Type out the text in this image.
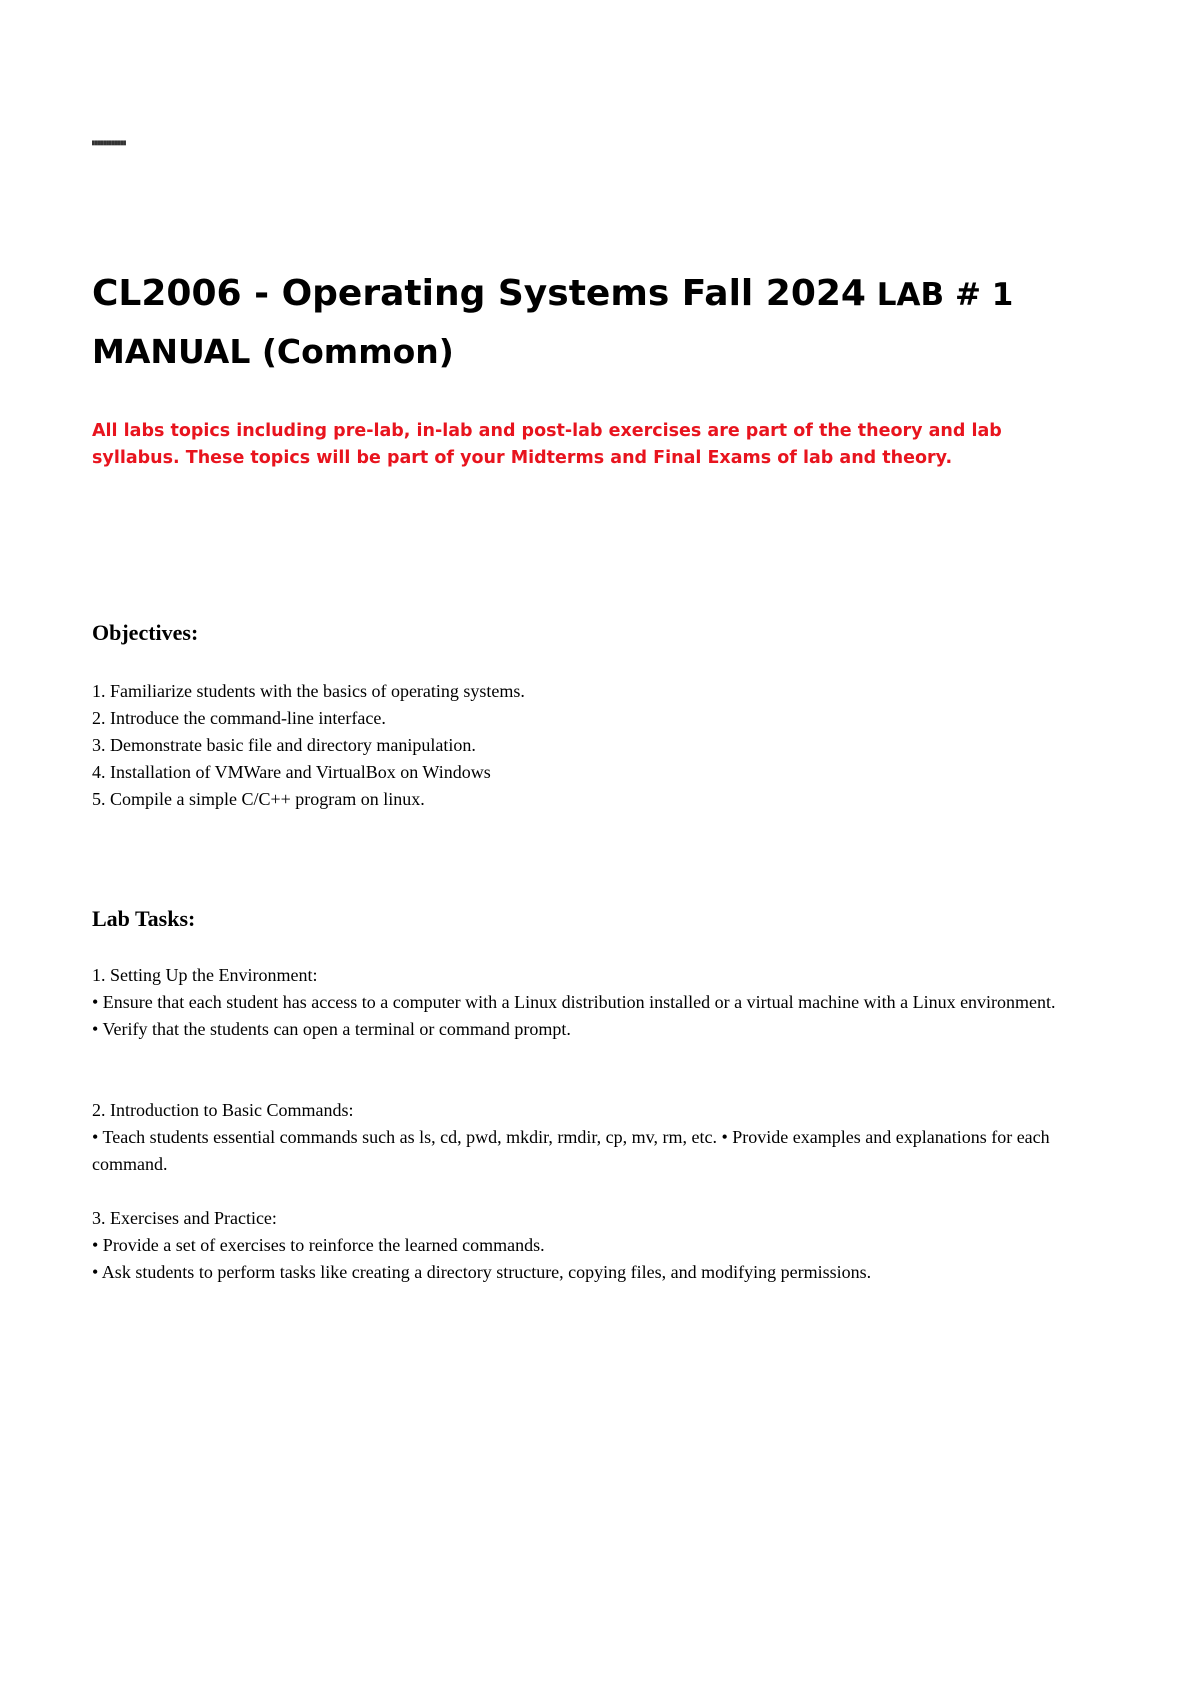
████████████
CL2006 - Operating Systems Fall 2024 LAB # 1
MANUAL (Common)
All labs topics including pre-lab, in-lab and post-lab exercises are part of the theory and lab syllabus. These topics will be part of your Midterms and Final Exams of lab and theory.
Objectives:
1. Familiarize students with the basics of operating systems.
2. Introduce the command-line interface.
3. Demonstrate basic file and directory manipulation.
4. Installation of VMWare and VirtualBox on Windows
5. Compile a simple C/C++ program on linux.
Lab Tasks:
1. Setting Up the Environment:
• Ensure that each student has access to a computer with a Linux distribution installed or a virtual machine with a Linux environment.
• Verify that the students can open a terminal or command prompt.
2. Introduction to Basic Commands:
• Teach students essential commands such as ls, cd, pwd, mkdir, rmdir, cp, mv, rm, etc. • Provide examples and explanations for each command.
3. Exercises and Practice:
• Provide a set of exercises to reinforce the learned commands.
• Ask students to perform tasks like creating a directory structure, copying files, and modifying permissions.
